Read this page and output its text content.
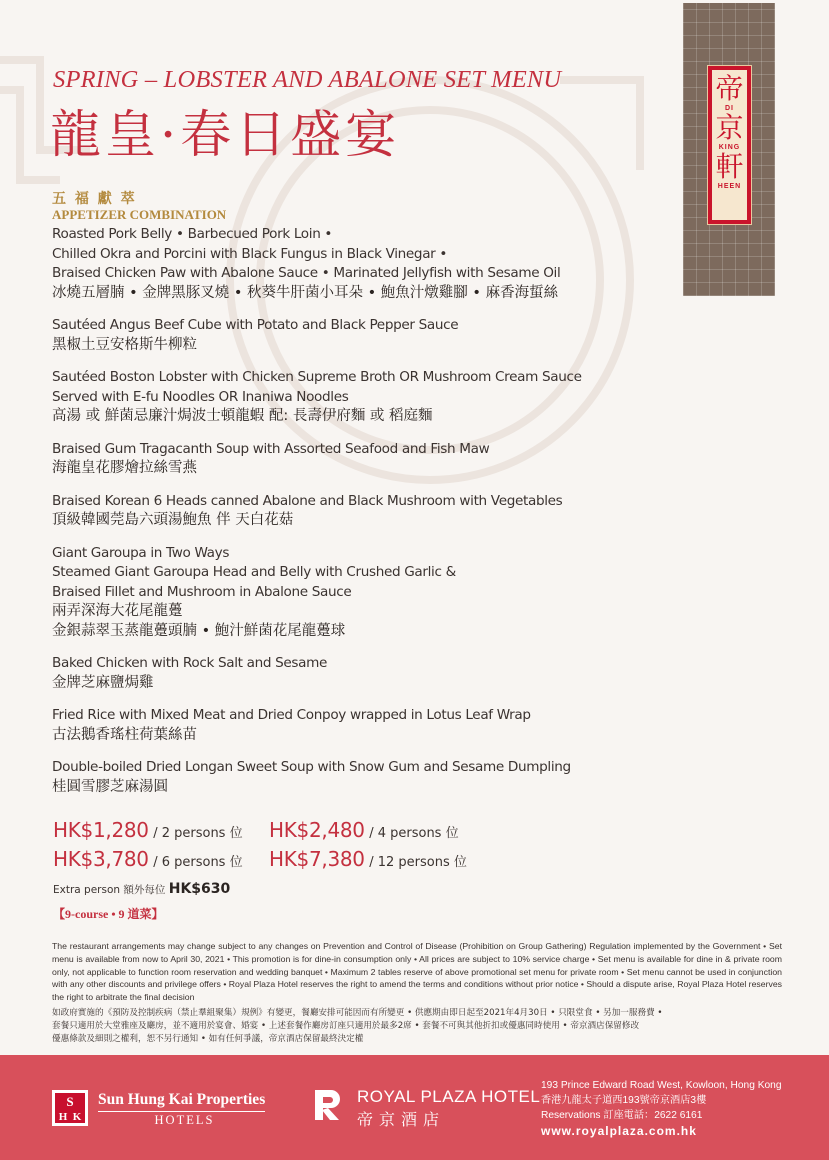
帝
DI
京
KING
軒
HEEN
SPRING – LOBSTER AND ABALONE SET MENU
龍皇·春日盛宴
五 福 獻 萃
APPETIZER COMBINATION
Roasted Pork Belly • Barbecued Pork Loin •
Chilled Okra and Porcini with Black Fungus in Black Vinegar •
Braised Chicken Paw with Abalone Sauce • Marinated Jellyfish with Sesame Oil
冰燒五層腩 • 金牌黑豚叉燒 • 秋葵牛肝菌小耳朵 • 鮑魚汁燉雞腳 • 麻香海蜇絲
Sautéed Angus Beef Cube with Potato and Black Pepper Sauce
黑椒土豆安格斯牛柳粒
Sautéed Boston Lobster with Chicken Supreme Broth OR Mushroom Cream Sauce
Served with E-fu Noodles OR Inaniwa Noodles
高湯 或 鮮菌忌廉汁焗波士頓龍蝦 配: 長壽伊府麵 或 稻庭麵
Braised Gum Tragacanth Soup with Assorted Seafood and Fish Maw
海龍皇花膠燴拉絲雪燕
Braised Korean 6 Heads canned Abalone and Black Mushroom with Vegetables
頂級韓國莞島六頭湯鮑魚 伴 天白花菇
Giant Garoupa in Two Ways
Steamed Giant Garoupa Head and Belly with Crushed Garlic &
Braised Fillet and Mushroom in Abalone Sauce
兩弄深海大花尾龍躉
金銀蒜翠玉蒸龍躉頭腩 • 鮑汁鮮菌花尾龍躉球
Baked Chicken with Rock Salt and Sesame
金牌芝麻鹽焗雞
Fried Rice with Mixed Meat and Dried Conpoy wrapped in Lotus Leaf Wrap
古法鵝香瑤柱荷葉絲苗
Double-boiled Dried Longan Sweet Soup with Snow Gum and Sesame Dumpling
桂圓雪膠芝麻湯圓
HK$1,280 / 2 persons 位 HK$2,480 / 4 persons 位
HK$3,780 / 6 persons 位 HK$7,380 / 12 persons 位
Extra person 額外每位 HK$630
【9-course • 9 道菜】
The restaurant arrangements may change subject to any changes on Prevention and Control of Disease (Prohibition on Group Gathering) Regulation implemented by the Government • Set menu is available from now to April 30, 2021 • This promotion is for dine-in consumption only • All prices are subject to 10% service charge • Set menu is available for dine in & private room only, not applicable to function room reservation and wedding banquet • Maximum 2 tables reserve of above promotional set menu for private room • Set menu cannot be used in conjunction with any other discounts and privilege offers • Royal Plaza Hotel reserves the right to amend the terms and conditions without prior notice • Should a dispute arise, Royal Plaza Hotel reserves the right to arbitrate the final decision
如政府實施的《預防及控制疾病（禁止羣組聚集）規例》有變更，餐廳安排可能因而有所變更 • 供應期由即日起至2021年4月30日 • 只限堂食 • 另加一服務費 •
套餐只適用於大堂雅座及廳房，並不適用於宴會、婚宴 • 上述套餐作廳房訂座只適用於最多2席 • 套餐不可與其他折扣或優惠同時使用 • 帝京酒店保留修改
優惠條款及細則之權利，恕不另行通知 • 如有任何爭議，帝京酒店保留最終決定權
S
H K
Sun Hung Kai Properties
HOTELS
ROYAL PLAZA HOTEL
帝京酒店
193 Prince Edward Road West, Kowloon, Hong Kong
香港九龍太子道西193號帝京酒店3樓
Reservations 訂座電話：2622 6161
www.royalplaza.com.hk
